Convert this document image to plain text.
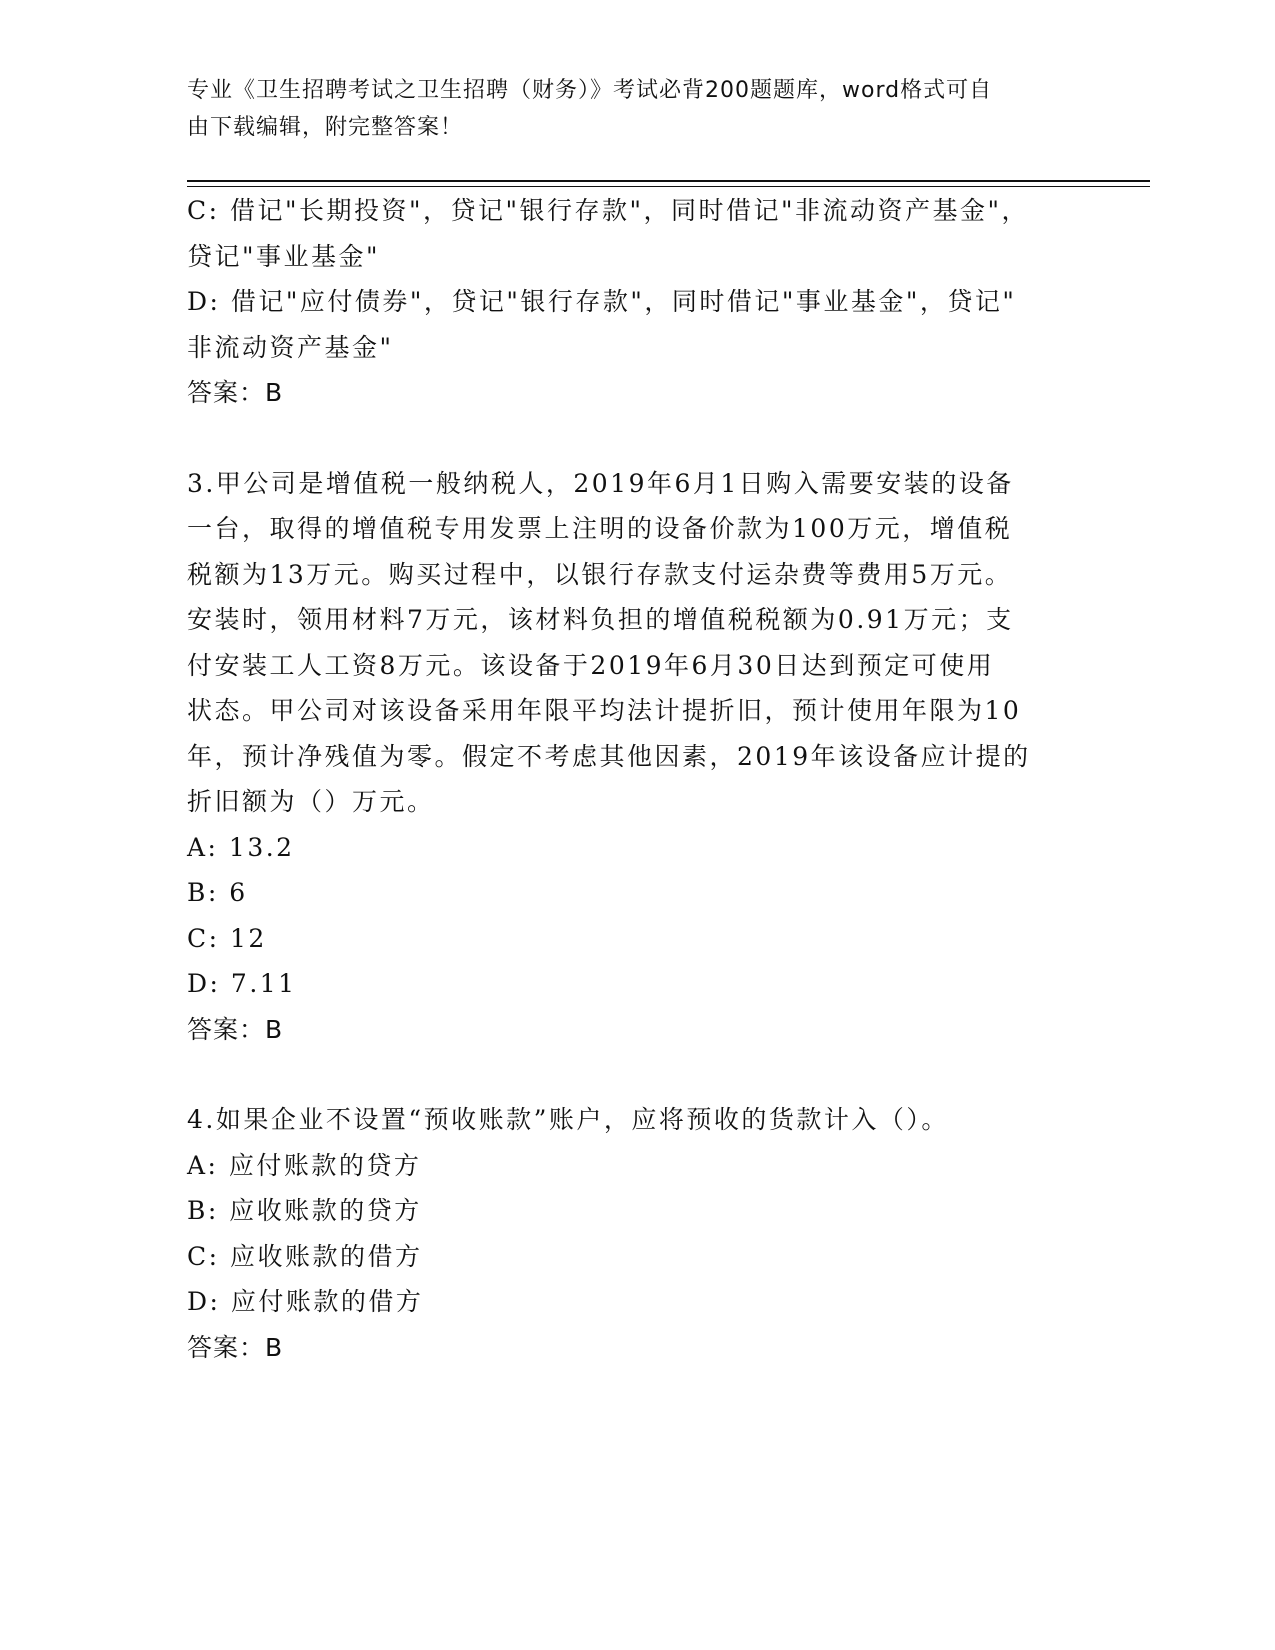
专业《卫生招聘考试之卫生招聘（财务）》考试必背200题题库，word格式可自
由下载编辑，附完整答案！
C: 借记"长期投资"，贷记"银行存款"，同时借记"非流动资产基金"，
贷记"事业基金"
D: 借记"应付债券"，贷记"银行存款"，同时借记"事业基金"，贷记"
非流动资产基金"
答案：B
3.甲公司是增值税一般纳税人，2019年6月1日购入需要安装的设备
一台，取得的增值税专用发票上注明的设备价款为100万元，增值税
税额为13万元。购买过程中，以银行存款支付运杂费等费用5万元。
安装时，领用材料7万元，该材料负担的增值税税额为0.91万元；支
付安装工人工资8万元。该设备于2019年6月30日达到预定可使用
状态。甲公司对该设备采用年限平均法计提折旧，预计使用年限为10
年，预计净残值为零。假定不考虑其他因素，2019年该设备应计提的
折旧额为（）万元。
A: 13.2
B: 6
C: 12
D: 7.11
答案：B
4.如果企业不设置“预收账款”账户，应将预收的货款计入（）。
A: 应付账款的贷方
B: 应收账款的贷方
C: 应收账款的借方
D: 应付账款的借方
答案：B
